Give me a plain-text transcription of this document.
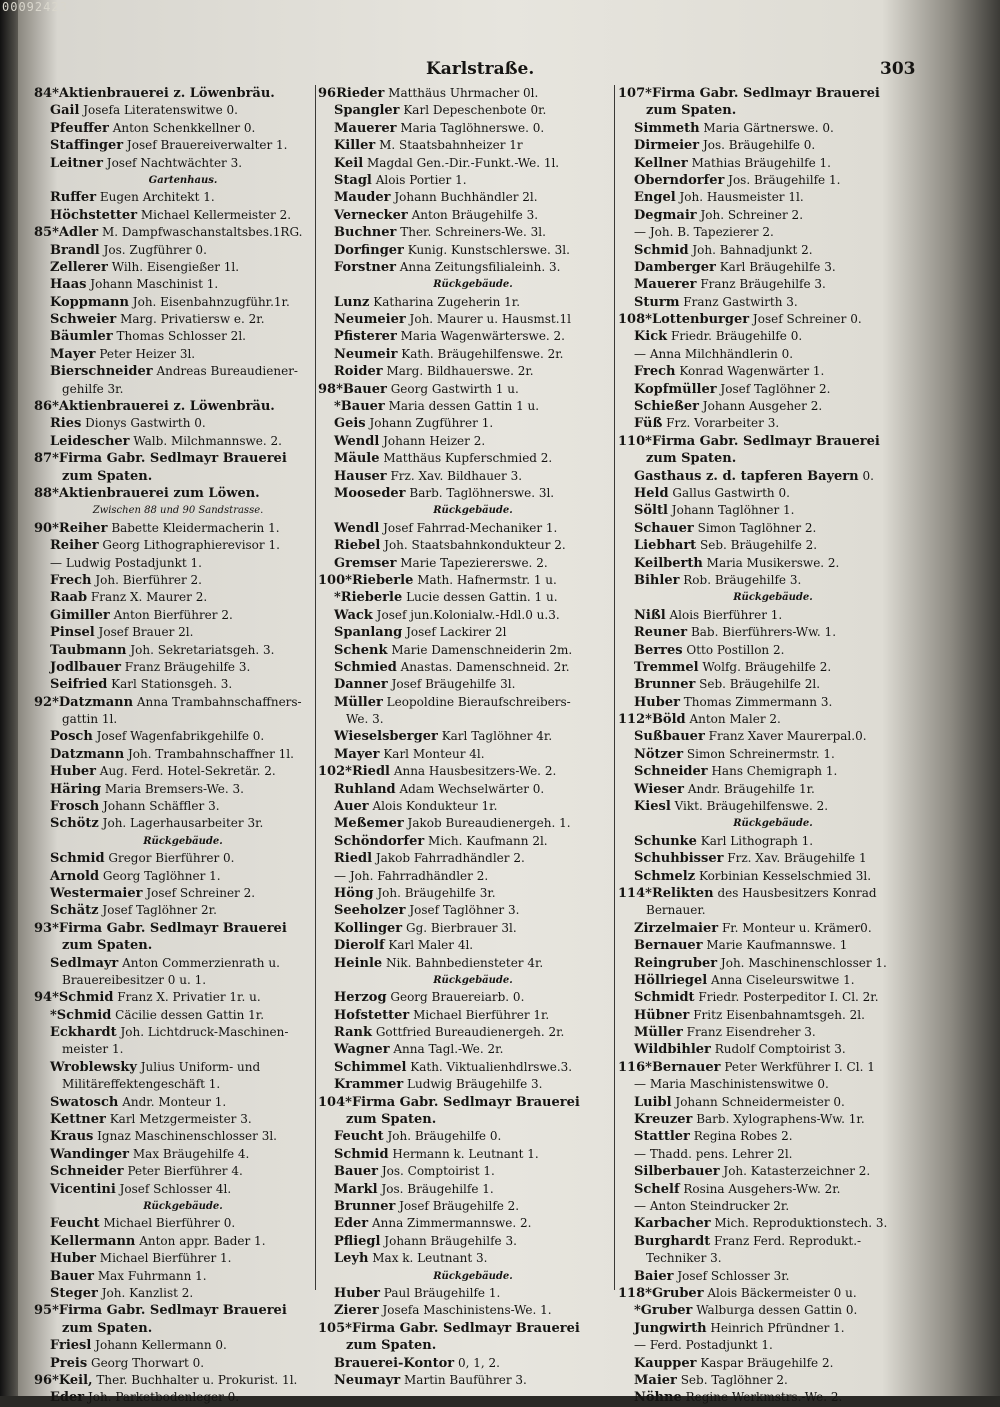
00092423
Karlstraße.	303
84*Aktienbrauerei z. Löwenbräu.
Gail Josefa Literatenswitwe 0.
Pfeuffer Anton Schenkkellner 0.
Staffinger Josef Brauereiverwalter 1.
Leitner Josef Nachtwächter 3.
Gartenhaus.
Ruffer Eugen Architekt 1.
Höchstetter Michael Kellermeister 2.
85*Adler M. Dampfwaschanstaltsbes.1RG.
Brandl Jos. Zugführer 0.
Zellerer Wilh. Eisengießer 1l.
Haas Johann Maschinist 1.
Koppmann Joh. Eisenbahnzugführ.1r.
Schweier Marg. Privatiersw e. 2r.
Bäumler Thomas Schlosser 2l.
Mayer Peter Heizer 3l.
Bierschneider Andreas Bureaudiener-
gehilfe 3r.
86*Aktienbrauerei z. Löwenbräu.
Ries Dionys Gastwirth 0.
Leidescher Walb. Milchmannswe. 2.
87*Firma Gabr. Sedlmayr Brauerei
zum Spaten.
88*Aktienbrauerei zum Löwen.
Zwischen 88 und 90 Sandstrasse.
90*Reiher Babette Kleidermacherin 1.
Reiher Georg Lithographierevisor 1.
— Ludwig Postadjunkt 1.
Frech Joh. Bierführer 2.
Raab Franz X. Maurer 2.
Gimiller Anton Bierführer 2.
Pinsel Josef Brauer 2l.
Taubmann Joh. Sekretariatsgeh. 3.
Jodlbauer Franz Bräugehilfe 3.
Seifried Karl Stationsgeh. 3.
92*Datzmann Anna Trambahnschaffners-
gattin 1l.
Posch Josef Wagenfabrikgehilfe 0.
Datzmann Joh. Trambahnschaffner 1l.
Huber Aug. Ferd. Hotel-Sekretär. 2.
Häring Maria Bremsers-We. 3.
Frosch Johann Schäffler 3.
Schötz Joh. Lagerhausarbeiter 3r.
Rückgebäude.
Schmid Gregor Bierführer 0.
Arnold Georg Taglöhner 1.
Westermaier Josef Schreiner 2.
Schätz Josef Taglöhner 2r.
93*Firma Gabr. Sedlmayr Brauerei
zum Spaten.
Sedlmayr Anton Commerzienrath u.
Brauereibesitzer 0 u. 1.
94*Schmid Franz X. Privatier 1r. u.
*Schmid Cäcilie dessen Gattin 1r.
Eckhardt Joh. Lichtdruck-Maschinen-
meister 1.
Wroblewsky Julius Uniform- und
Militäreffektengeschäft 1.
Swatosch Andr. Monteur 1.
Kettner Karl Metzgermeister 3.
Kraus Ignaz Maschinenschlosser 3l.
Wandinger Max Bräugehilfe 4.
Schneider Peter Bierführer 4.
Vicentini Josef Schlosser 4l.
Rückgebäude.
Feucht Michael Bierführer 0.
Kellermann Anton appr. Bader 1.
Huber Michael Bierführer 1.
Bauer Max Fuhrmann 1.
Steger Joh. Kanzlist 2.
95*Firma Gabr. Sedlmayr Brauerei
zum Spaten.
Friesl Johann Kellermann 0.
Preis Georg Thorwart 0.
96*Keil, Ther. Buchhalter u. Prokurist. 1l.
Eder Joh. Parketbodenleger 0.
96Rieder Matthäus Uhrmacher 0l.
Spangler Karl Depeschenbote 0r.
Mauerer Maria Taglöhnerswe. 0.
Killer M. Staatsbahnheizer 1r
Keil Magdal Gen.-Dir.-Funkt.-We. 1l.
Stagl Alois Portier 1.
Mauder Johann Buchhändler 2l.
Vernecker Anton Bräugehilfe 3.
Buchner Ther. Schreiners-We. 3l.
Dorfinger Kunig. Kunstschlerswe. 3l.
Forstner Anna Zeitungsfilialeinh. 3.
Rückgebäude.
Lunz Katharina Zugeherin 1r.
Neumeier Joh. Maurer u. Hausmst.1l
Pfisterer Maria Wagenwärterswe. 2.
Neumeir Kath. Bräugehilfenswe. 2r.
Roider Marg. Bildhauerswe. 2r.
98*Bauer Georg Gastwirth 1 u.
*Bauer Maria dessen Gattin 1 u.
Geis Johann Zugführer 1.
Wendl Johann Heizer 2.
Mäule Matthäus Kupferschmied 2.
Hauser Frz. Xav. Bildhauer 3.
Mooseder Barb. Taglöhnerswe. 3l.
Rückgebäude.
Wendl Josef Fahrrad-Mechaniker 1.
Riebel Joh. Staatsbahnkondukteur 2.
Gremser Marie Tapeziererswe. 2.
100*Rieberle Math. Hafnermstr. 1 u.
*Rieberle Lucie dessen Gattin. 1 u.
Wack Josef jun.Kolonialw.-Hdl.0 u.3.
Spanlang Josef Lackirer 2l
Schenk Marie Damenschneiderin 2m.
Schmied Anastas. Damenschneid. 2r.
Danner Josef Bräugehilfe 3l.
Müller Leopoldine Bieraufschreibers-
We. 3.
Wieselsberger Karl Taglöhner 4r.
Mayer Karl Monteur 4l.
102*Riedl Anna Hausbesitzers-We. 2.
Ruhland Adam Wechselwärter 0.
Auer Alois Kondukteur 1r.
Meßemer Jakob Bureaudienergeh. 1.
Schöndorfer Mich. Kaufmann 2l.
Riedl Jakob Fahrradhändler 2.
— Joh. Fahrradhändler 2.
Höng Joh. Bräugehilfe 3r.
Seeholzer Josef Taglöhner 3.
Kollinger Gg. Bierbrauer 3l.
Dierolf Karl Maler 4l.
Heinle Nik. Bahnbediensteter 4r.
Rückgebäude.
Herzog Georg Brauereiarb. 0.
Hofstetter Michael Bierführer 1r.
Rank Gottfried Bureaudienergeh. 2r.
Wagner Anna Tagl.-We. 2r.
Schimmel Kath. Viktualienhdlrswe.3.
Krammer Ludwig Bräugehilfe 3.
104*Firma Gabr. Sedlmayr Brauerei
zum Spaten.
Feucht Joh. Bräugehilfe 0.
Schmid Hermann k. Leutnant 1.
Bauer Jos. Comptoirist 1.
Markl Jos. Bräugehilfe 1.
Brunner Josef Bräugehilfe 2.
Eder Anna Zimmermannswe. 2.
Pfliegl Johann Bräugehilfe 3.
Leyh Max k. Leutnant 3.
Rückgebäude.
Huber Paul Bräugehilfe 1.
Zierer Josefa Maschinistens-We. 1.
105*Firma Gabr. Sedlmayr Brauerei
zum Spaten.
Brauerei-Kontor 0, 1, 2.
Neumayr Martin Bauführer 3.
107*Firma Gabr. Sedlmayr Brauerei
zum Spaten.
Simmeth Maria Gärtnerswe. 0.
Dirmeier Jos. Bräugehilfe 0.
Kellner Mathias Bräugehilfe 1.
Oberndorfer Jos. Bräugehilfe 1.
Engel Joh. Hausmeister 1l.
Degmair Joh. Schreiner 2.
— Joh. B. Tapezierer 2.
Schmid Joh. Bahnadjunkt 2.
Damberger Karl Bräugehilfe 3.
Mauerer Franz Bräugehilfe 3.
Sturm Franz Gastwirth 3.
108*Lottenburger Josef Schreiner 0.
Kick Friedr. Bräugehilfe 0.
— Anna Milchhändlerin 0.
Frech Konrad Wagenwärter 1.
Kopfmüller Josef Taglöhner 2.
Schießer Johann Ausgeher 2.
Füß Frz. Vorarbeiter 3.
110*Firma Gabr. Sedlmayr Brauerei
zum Spaten.
Gasthaus z. d. tapferen Bayern 0.
Held Gallus Gastwirth 0.
Söltl Johann Taglöhner 1.
Schauer Simon Taglöhner 2.
Liebhart Seb. Bräugehilfe 2.
Keilberth Maria Musikerswe. 2.
Bihler Rob. Bräugehilfe 3.
Rückgebäude.
Nißl Alois Bierführer 1.
Reuner Bab. Bierführers-Ww. 1.
Berres Otto Postillon 2.
Tremmel Wolfg. Bräugehilfe 2.
Brunner Seb. Bräugehilfe 2l.
Huber Thomas Zimmermann 3.
112*Böld Anton Maler 2.
Sußbauer Franz Xaver Maurerpal.0.
Nötzer Simon Schreinermstr. 1.
Schneider Hans Chemigraph 1.
Wieser Andr. Bräugehilfe 1r.
Kiesl Vikt. Bräugehilfenswe. 2.
Rückgebäude.
Schunke Karl Lithograph 1.
Schuhbisser Frz. Xav. Bräugehilfe 1
Schmelz Korbinian Kesselschmied 3l.
114*Relikten des Hausbesitzers Konrad
Bernauer.
Zirzelmaier Fr. Monteur u. Krämer0.
Bernauer Marie Kaufmannswe. 1
Reingruber Joh. Maschinenschlosser 1.
Höllriegel Anna Ciseleurswitwe 1.
Schmidt Friedr. Posterpeditor I. Cl. 2r.
Hübner Fritz Eisenbahnamtsgeh. 2l.
Müller Franz Eisendreher 3.
Wildbihler Rudolf Comptoirist 3.
116*Bernauer Peter Werkführer I. Cl. 1
— Maria Maschinistenswitwe 0.
Luibl Johann Schneidermeister 0.
Kreuzer Barb. Xylographens-Ww. 1r.
Stattler Regina Robes 2.
— Thadd. pens. Lehrer 2l.
Silberbauer Joh. Katasterzeichner 2.
Schelf Rosina Ausgehers-Ww. 2r.
— Anton Steindrucker 2r.
Karbacher Mich. Reproduktionstech. 3.
Burghardt Franz Ferd. Reprodukt.-
Techniker 3.
Baier Josef Schlosser 3r.
118*Gruber Alois Bäckermeister 0 u.
*Gruber Walburga dessen Gattin 0.
Jungwirth Heinrich Pfründner 1.
— Ferd. Postadjunkt 1.
Kaupper Kaspar Bräugehilfe 2.
Maier Seb. Taglöhner 2.
Nöhne Regine Werkmstrs.-We. 2.
